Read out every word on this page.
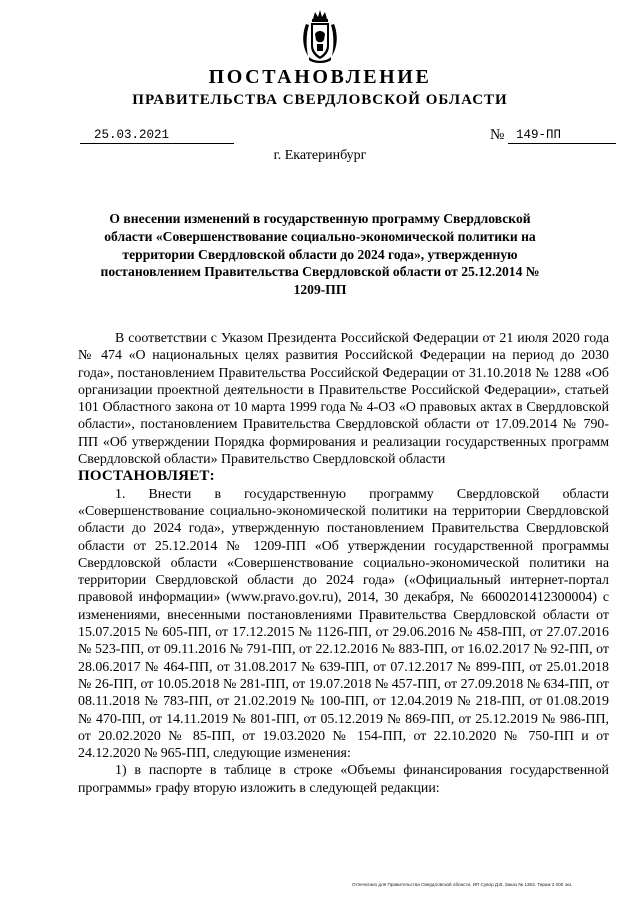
ПОСТАНОВЛЕНИЕ
ПРАВИТЕЛЬСТВА СВЕРДЛОВСКОЙ ОБЛАСТИ
25.03.2021	№ 149-ПП
г. Екатеринбург
О внесении изменений в государственную программу Свердловской области «Совершенствование социально-экономической политики на территории Свердловской области до 2024 года», утвержденную постановлением Правительства Свердловской области от 25.12.2014 № 1209-ПП

В соответствии с Указом Президента Российской Федерации от 21 июля 2020 года № 474 «О национальных целях развития Российской Федерации на период до 2030 года», постановлением Правительства Российской Федерации от 31.10.2018 № 1288 «Об организации проектной деятельности в Правительстве Российской Федерации», статьей 101 Областного закона от 10 марта 1999 года № 4-ОЗ «О правовых актах в Свердловской области», постановлением Правительства Свердловской области от 17.09.2014 № 790-ПП «Об утверждении Порядка формирования и реализации государственных программ Свердловской области» Правительство Свердловской области

ПОСТАНОВЛЯЕТ:

1. Внести в государственную программу Свердловской области «Совершенствование социально-экономической политики на территории Свердловской области до 2024 года», утвержденную постановлением Правительства Свердловской области от 25.12.2014 № 1209-ПП «Об утверждении государственной программы Свердловской области «Совершенствование социально-экономической политики на территории Свердловской области до 2024 года» («Официальный интернет-портал правовой информации» (www.pravo.gov.ru), 2014, 30 декабря, № 6600201412300004) с изменениями, внесенными постановлениями Правительства Свердловской области от 15.07.2015 № 605-ПП, от 17.12.2015 № 1126-ПП, от 29.06.2016 № 458-ПП, от 27.07.2016 № 523-ПП, от 09.11.2016 № 791-ПП, от 22.12.2016 № 883-ПП, от 16.02.2017 № 92-ПП, от 28.06.2017 № 464-ПП, от 31.08.2017 № 639-ПП, от 07.12.2017 № 899-ПП, от 25.01.2018 № 26-ПП, от 10.05.2018 № 281-ПП, от 19.07.2018 № 457-ПП, от 27.09.2018 № 634-ПП, от 08.11.2018 № 783-ПП, от 21.02.2019 № 100-ПП, от 12.04.2019 № 218-ПП, от 01.08.2019 № 470-ПП, от 14.11.2019 № 801-ПП, от 05.12.2019 № 869-ПП, от 25.12.2019 № 986-ПП, от 20.02.2020 № 85-ПП, от 19.03.2020 № 154-ПП, от 22.10.2020 № 750-ПП и от 24.12.2020 № 965-ПП, следующие изменения:

1) в паспорте в таблице в строке «Объемы финансирования государственной программы» графу вторую изложить в следующей редакции:

Отпечатано для Правительства Свердловской области, ИП Сувор Д.В. Заказ № 1363. Тираж 2 000 экз.
